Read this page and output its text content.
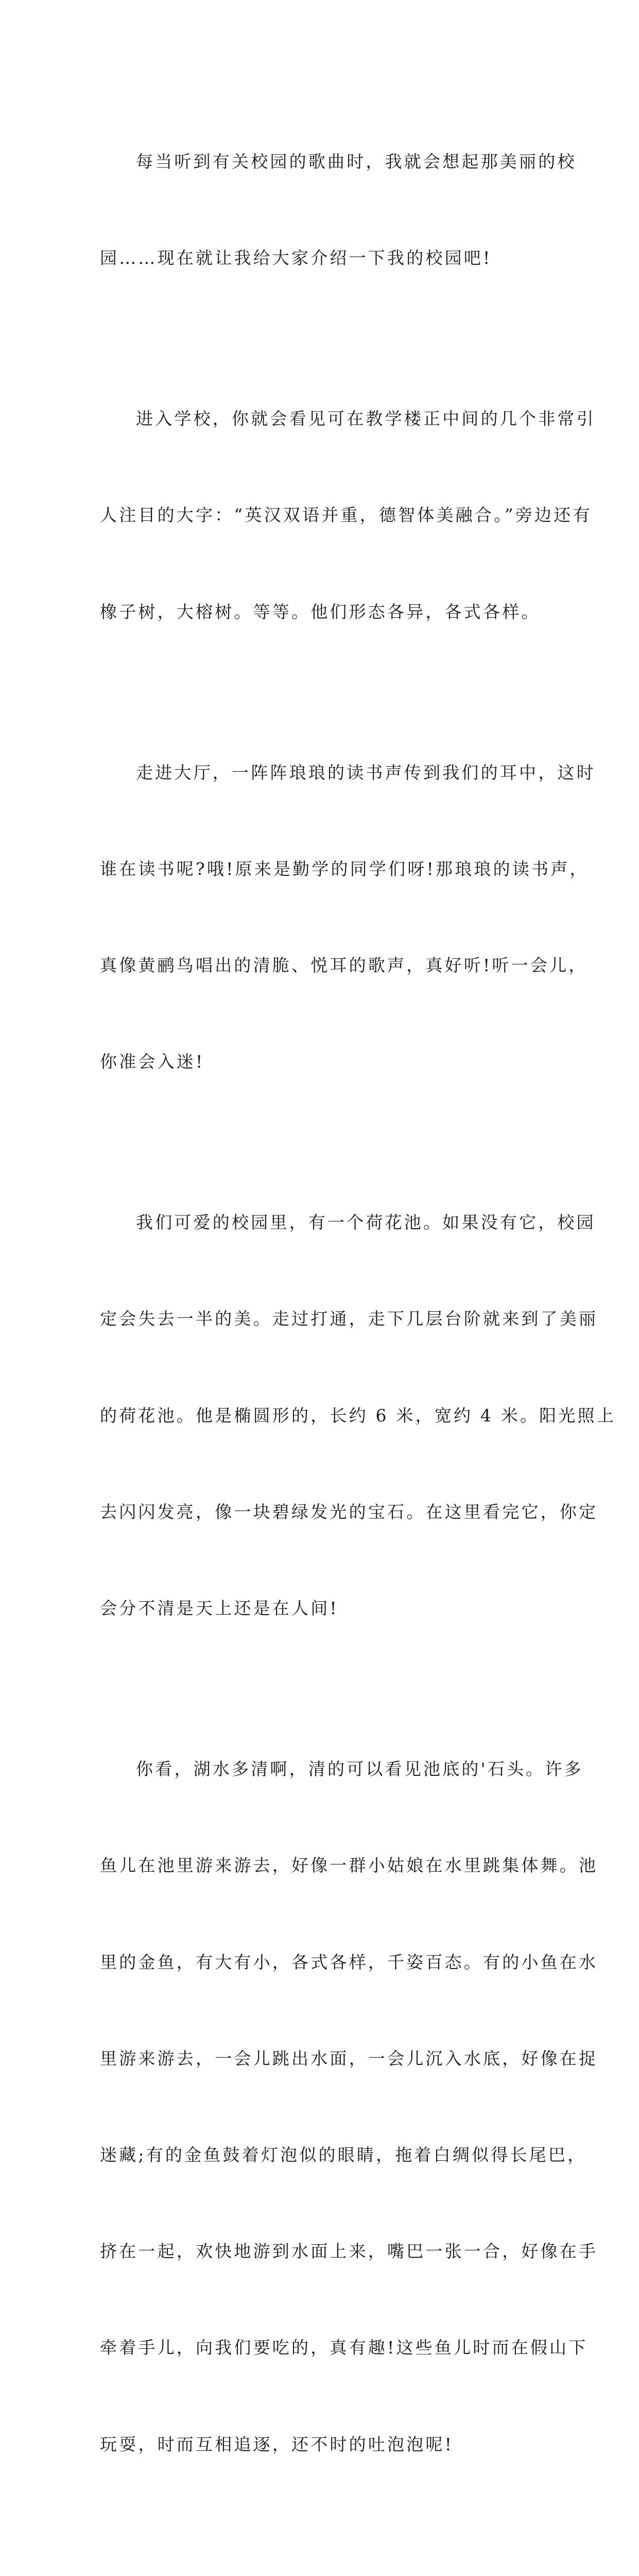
每当听到有关校园的歌曲时，我就会想起那美丽的校

园……现在就让我给大家介绍一下我的校园吧!

进入学校，你就会看见可在教学楼正中间的几个非常引

人注目的大字：“英汉双语并重，德智体美融合。”旁边还有

橡子树，大榕树。等等。他们形态各异，各式各样。

走进大厅，一阵阵琅琅的读书声传到我们的耳中，这时

谁在读书呢?哦!原来是勤学的同学们呀!那琅琅的读书声，

真像黄鹂鸟唱出的清脆、悦耳的歌声，真好听!听一会儿，

你准会入迷!

我们可爱的校园里，有一个荷花池。如果没有它，校园

定会失去一半的美。走过打通，走下几层台阶就来到了美丽

的荷花池。他是椭圆形的，长约 6 米，宽约 4 米。阳光照上

去闪闪发亮，像一块碧绿发光的宝石。在这里看完它，你定

会分不清是天上还是在人间!

你看，湖水多清啊，清的可以看见池底的'石头。许多

鱼儿在池里游来游去，好像一群小姑娘在水里跳集体舞。池

里的金鱼，有大有小，各式各样，千姿百态。有的小鱼在水

里游来游去，一会儿跳出水面，一会儿沉入水底，好像在捉

迷藏;有的金鱼鼓着灯泡似的眼睛，拖着白绸似得长尾巴，

挤在一起，欢快地游到水面上来，嘴巴一张一合，好像在手

牵着手儿，向我们要吃的，真有趣!这些鱼儿时而在假山下

玩耍，时而互相追逐，还不时的吐泡泡呢!
